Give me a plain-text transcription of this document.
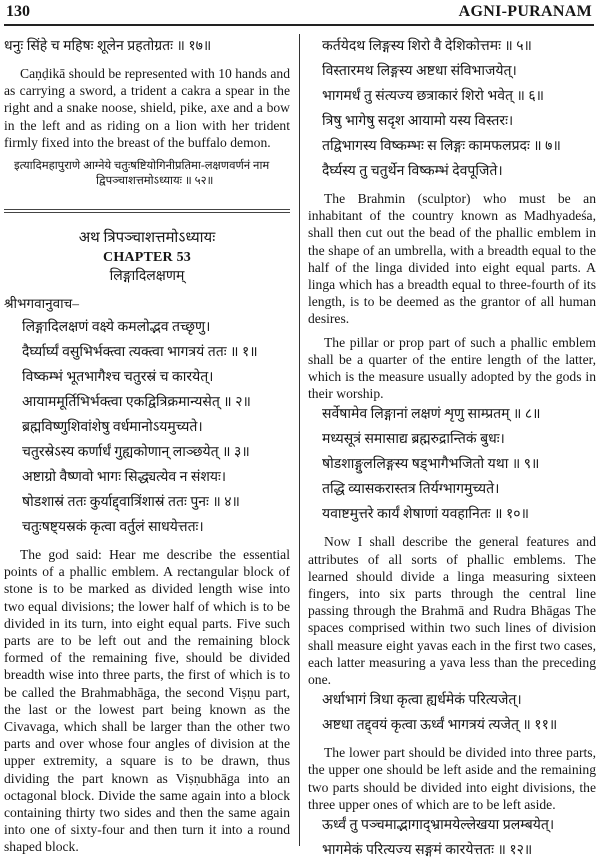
130	AGNI-PURANAM

धनुः सिंहे च महिषः शूलेन प्रहतोग्रतः ॥ १७॥

Caṇḍikā should be represented with 10 hands and as carrying a sword, a trident a cakra a spear in the right and a snake noose, shield, pike, axe and a bow in the left and as riding on a lion with her trident firmly fixed into the breast of the buffalo demon.

इत्यादिमहापुराणे आग्नेये चतुःषष्टियोगिनीप्रतिमा-लक्षणवर्णनं नाम
द्विपञ्चाशत्तमोऽध्यायः ॥ ५२॥
अथ त्रिपञ्चाशत्तमोऽध्यायः
CHAPTER 53
लिङ्गादिलक्षणम्
श्रीभगवानुवाच–

लिङ्गादिलक्षणं वक्ष्ये कमलोद्भव तच्छृणु।

दैर्घ्यार्घ्यं वसुभिर्भक्त्वा त्यक्त्वा भागत्रयं ततः ॥ १॥

विष्कम्भं भूतभागैश्च चतुरस्रं च कारयेत्।

आयाममूर्तिभिर्भक्त्वा एकद्वित्रिक्रमान्यसेत् ॥ २॥

ब्रह्मविष्णुशिवांशेषु वर्धमानोऽयमुच्यते।

चतुरस्रेऽस्य कर्णार्धं गुह्यकोणान् लाञ्छयेत् ॥ ३॥

अष्टाग्रो वैष्णवो भागः सिद्ध्यत्येव न संशयः।

षोडशास्रं ततः कुर्याद्द्वात्रिंशास्रं ततः पुनः ॥ ४॥

चतुःषष्ट्यस्रकं कृत्वा वर्तुलं साधयेत्ततः।

The god said: Hear me describe the essential points of a phallic emblem. A rectangular block of stone is to be marked as divided length wise into two equal divisions; the lower half of which is to be divided in its turn, into eight equal parts. Five such parts are to be left out and the remaining block formed of the remaining five, should be divided breadth wise into three parts, the first of which is to be called the Brahmabhāga, the second Viṣṇu part, the last or the lowest part being known as the Civavaga, which shall be larger than the other two parts and over whose four angles of division at the upper extremity, a square is to be drawn, thus dividing the part known as Viṣṇubhāga into an octagonal block. Divide the same again into a block containing thirty two sides and then the same again into one of sixty-four and then turn it into a round shaped block.

कर्तयेदथ लिङ्गस्य शिरो वै देशिकोत्तमः ॥ ५॥

विस्तारमथ लिङ्गस्य अष्टधा संविभाजयेत्।

भागमर्धं तु संत्यज्य छत्राकारं शिरो भवेत् ॥ ६॥

त्रिषु भागेषु सदृश आयामो यस्य विस्तरः।

तद्विभागस्य विष्कम्भः स लिङ्गः कामफलप्रदः ॥ ७॥

दैर्घ्यस्य तु चतुर्थेन विष्कम्भं देवपूजिते।

The Brahmin (sculptor) who must be an inhabitant of the country known as Madhyadeśa, shall then cut out the bead of the phallic emblem in the shape of an umbrella, with a breadth equal to the half of the linga divided into eight equal parts. A linga which has a breadth equal to three-fourth of its length, is to be deemed as the grantor of all human desires.

The pillar or prop part of such a phallic emblem shall be a quarter of the entire length of the latter, which is the measure usually adopted by the gods in their worship.

सर्वेषामेव लिङ्गानां लक्षणं शृणु साम्प्रतम् ॥ ८॥

मध्यसूत्रं समासाद्य ब्रह्मरुद्रान्तिकं बुधः।

षोडशाङ्गुललिङ्गस्य षड्भागैभजितो यथा ॥ ९॥

तद्धि व्यासकरास्तत्र तिर्यग्भागमुच्यते।

यवाष्टमुत्तरे कार्यं शेषाणां यवहानितः ॥ १०॥

Now I shall describe the general features and attributes of all sorts of phallic emblems. The learned should divide a linga measuring sixteen fingers, into six parts through the central line passing through the Brahmā and Rudra Bhāgas The spaces comprised within two such lines of division shall measure eight yavas each in the first two cases, each latter measuring a yava less than the preceding one.

अर्धाभागं त्रिधा कृत्वा ह्यर्धमेकं परित्यजेत्।

अष्टधा तद्द्वयं कृत्वा ऊर्ध्वं भागत्रयं त्यजेत् ॥ ११॥

The lower part should be divided into three parts, the upper one should be left aside and the remaining two parts should be divided into eight divisions, the three upper ones of which are to be left aside.

ऊर्ध्वं तु पञ्चमाद्भागाद्भ्रामयेल्लेखया प्रलम्बयेत्।

भागमेकं परित्यज्य सङ्गमं कारयेत्ततः ॥ १२॥
